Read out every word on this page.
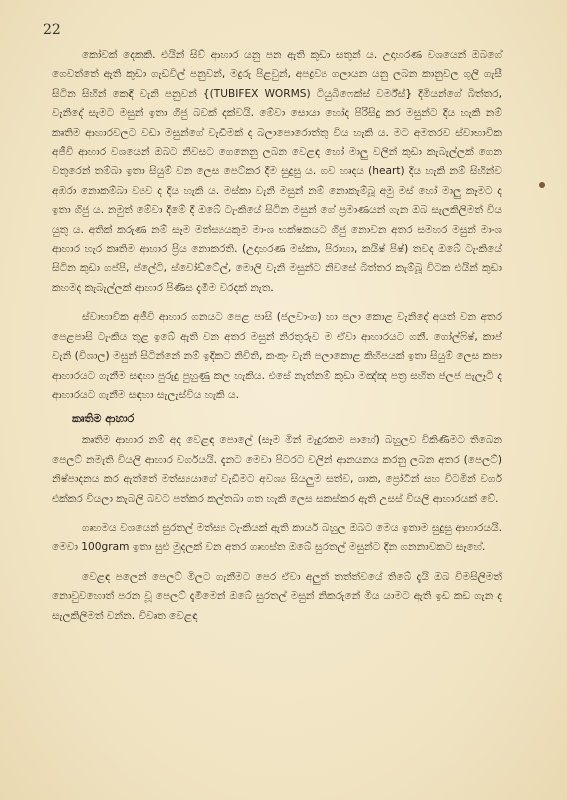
22

කෝවක් දෙකකි. එයින් සිව් ආහාර යනු පන ඇති කුඩා සතුන් ය. උදාහරණ වශයෙන් ඔබගේ ගෙවත්තේ ඇති කුඩා ගැඩවිල් පනුවන්, මදුරු පිළවුන්, අපද්‍රව්‍ය ගලායන යනු ලබන කානුවල ගුලි ගැසී සිටින සිහින් කෙඳි වැනි පනුවන් {(TUBIFEX WORMS) ටියුබිෆෙක්ස් වර්ම්ස්} දිමියන්ගේ බිත්තර, වැනිදේ සැමට මසුන් ඉතා ගිජු බවක් දක්වයි. මේවා සොයා හෝද පිරිසිදු කර මසුන්ට දිය හැකි නම් කෘතිම ආහාරවලට වඩා මසුන්ගේ වැඩීමක් ද බලාපොරොත්තු විය හැකි ය. මට අමතරව ස්වාභාවික අජීවි ආහාර වශයෙන් ඔබට නිවසට ගෙනෙනු ලබන වෙළඳ හෝ මාලු වලින් කුඩා කැබැල්ලක් ගෙන වතුරෙන් තම්බා ඉතා සියුම් වන ලෙස පෙට්කර දීම සුදුසු ය. ගව හෘදය (heart) දිය හැකි නම් සිහින්ව අඹරා නොකම්බා ව්‍යව ද දිය හැකි ය. මස්කා වැනි මසුන් නම් නොකැම්බූ අමු මස් හෝ මාලු කෑමට ද ඉතා ගිජු ය. නමුත් මේවා දීමේ දී ඔබේ ටැංකියේ සිටින මසුන් ගේ ප්‍රමාණයන් ගැන ඔබ සැලකිලිමත් විය යුතු ය. අතික් කරුණ නම් සෑම මත්ස්‍යයකුම මාංශ භක්ෂකයට ගිජු නොවන අතර සමහර මසුන් මාංශ ආහාර හැර කෘතිම ආහාර ප්‍රිය නොකරති. (උදාහරණ මස්කා, පිරාහා, කයිෂ් පිෂ්) තවද ඔබේ ටැංකියේ සිටින කුඩා ගප්පි, ප්ලේටි, ස්වෝඩ්ටේල්, මොලි වැනි මසුන්ට නිවසේ බිත්තර කැම්බූ විටක එයින් කුඩා කහමද කැබැල්ලක් ආහාර පිණිස දැමීම වරදක් නැත.

ස්වාභාවික අජීවි ආහාර ගනයට පෙළ පාසි (ජලවාංග) හා පලා කොළ වැනිදේ අයත් වන අතර පෙළපාසි ටැංකිය තුළ ඉබේ ඇති වන අතර මසුන් නිරතුරුව ම ඒවා ආහාරයට ගනී. ගෝල්ෆිෂ්, කාප් වැනි (විශාල) මසුන් සිටින්නේ නම් ඉදිකට නිවිති, කංකුං වැනි පලාකොළ කිහිපයක් ඉතා සියුම් ලෙස කපා ආහාරයට ගැනීම සඳහා පුරුදු පුහුණු කල හැකිය. එසේ නැත්නම් කුඩා මඤ්ඤ පත්‍ර සහිත ජලජ පැලෑටි ද ආහාරයට ගැනීම සඳහා සැලැස්විය හැකි ය.

කෘතිම ආහාර

කෘතිම ආහාර නම් අද වෙළඳ පොලේ (සෑම මින් මැදුරකම පාහේ) බහුලව විකිණීමට තිබෙන පෙලට් නමැති වියලි ආහාර වර්ගයයි. දැනට මෙවා පිටරට වලින් ආනයනය කරනු ලබන අතර (පෙලට්) නිෂ්පාදනය කර ඇත්තේ මත්ස්‍යයාගේ වැඩීමට අවශ්‍ය සියලුම සත්ව, ශාක, ප්‍රෝටීන් සහ විටමින් වර්ග එක්කර වියලා කැබලි බවට පත්කර කල්තබා ගත හැකි ලෙස සකස්කර ඇති උසස් වියලි ආහාරයක් වේ.

ගෘහමය වශයෙන් සුරතල් මත්ස්‍ය ටැංකියක් ඇති කාර්ය බහුල ඔබට මෙය ඉතාම සුදුසු ආහාරයයි. මෙවා 100gram ඉතා සුළු මුදලක් වන අතර ගෘහස්ත ඔබේ සුරතල් මසුන්ට දින ගනනාවකට සෑහේ.

වෙළඳ පලෙන් පෙලට් මිලට ගැනීමට පෙර ඒවා අලුත් තත්ත්වයේ තිබේ දැයි ඔබ විමසිලිමත් නොවුවහොත් පරන වූ පෙලට් දැමීමෙන් ඔබේ සුරතල් මසුන් නිකරුනේ මිය යාමට ඇති ඉඩ කඩ ගැන ද සැලකිලිමත් වන්න. විවෘත වෙළඳ
